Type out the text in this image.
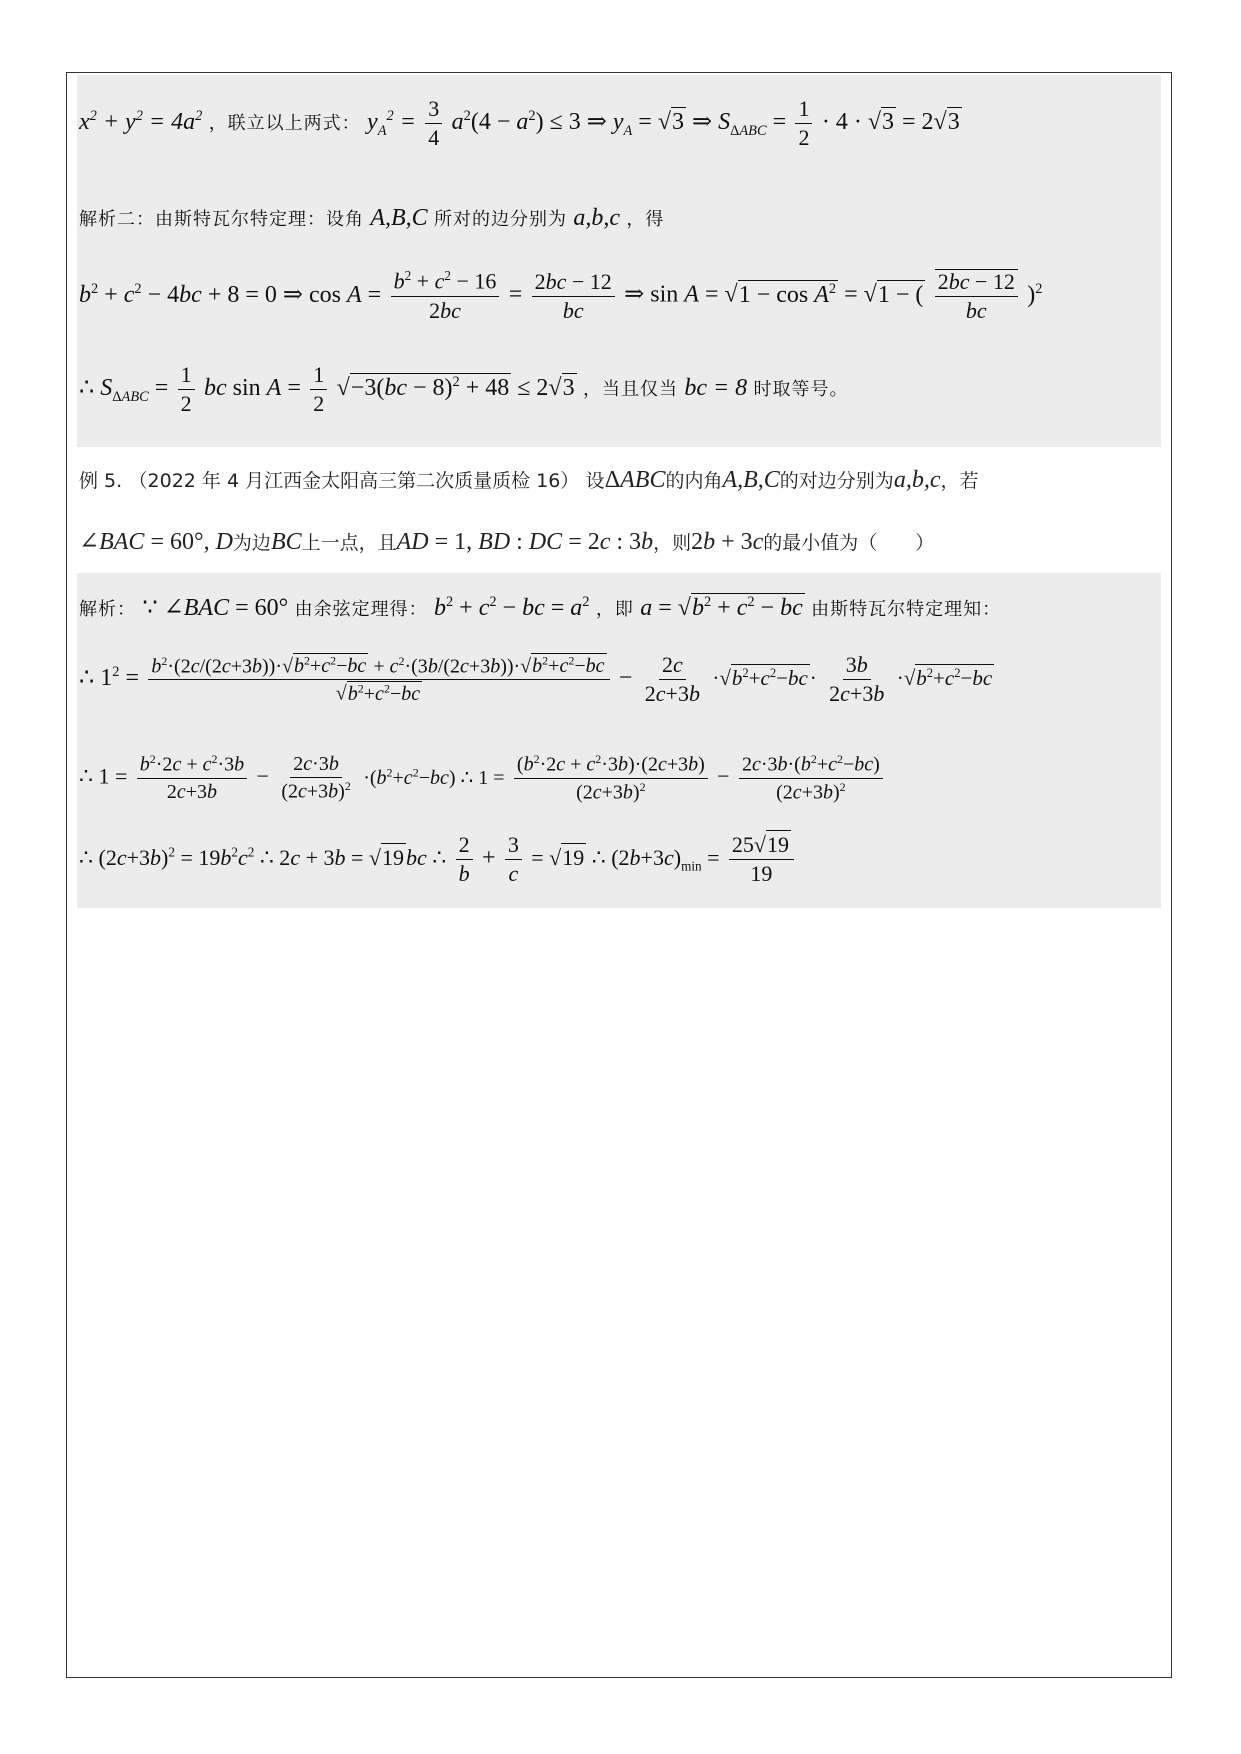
$x^2 + y^2 = 4a^2$ ，联立以上两式： $y_A^2 = \frac{3}{4} a^2(4 - a^2) \le 3$ ⇒ $y_A = √3$ ⇒ $S_{\Delta ABC} = \frac{1}{2} \cdot 4 \cdot √3 = 2√3$
解析二：由斯特瓦尔特定理：设角 A,B,C 所对的边分别为 a,b,c ，得
$b^2 + c^2 - 4bc + 8 = 0$ ⇒ $\cos A = \frac{b^2 + c^2 - 16}{2bc} = \frac{2bc - 12}{bc}$ ⇒ $\sin A = √1 - \cos A^2 = √1$ − ( $\frac{2bc - 12}{bc} )^2$
∴ $S_{\Delta ABC} = \frac{1}{2}$ bc $\sin A = \frac{1}{2} √-3(bc - 8)^2 + 48 \le 2√3$ ，当且仅当 bc = 8 时取等号。
例 5. （2022 年 4 月江西金太阳高三第二次质量质检 16） 设ΔABC的内角A,B,C的对边分别为a,b,c，若
∠BAC = 60°, D为边BC上一点，且AD = 1, BD : DC = 2c : 3b，则2b + 3c的最小值为（　　）
解析： ∵ ∠BAC = 60° 由余弦定理得： $b^2 + c^2$ − bc = $a^2$ ，即 $a = √b^2 + c^2$ − bc 由斯特瓦尔特定理知：
∴ $1^2 = \frac{b^2\cdot(2c/(2c+3b))\cdot√b^2+c^2-bc + c^2\cdot(3b/(2c+3b))\cdot√b^2+c^2-bc}{√b^2+c^2-bc} - \frac{2c}{2c+3b} \cdot√b^2+c^2-bc\cdot \frac{3b}{2c+3b} \cdot√b^2+c^2-bc$
∴ $1 = \frac{b^2\cdot 2c + c^2\cdot 3b}{2c+3b} - \frac{2c\cdot 3b}{(2c+3b)^2} \cdot(b^2+c^2-bc)$ ∴ $1 = \frac{(b^2\cdot 2c + c^2\cdot 3b)\cdot(2c+3b)}{(2c+3b)^2} - \frac{2c\cdot 3b\cdot(b^2+c^2-bc)}{(2c+3b)^2}$
∴ $(2c+3b)^2 = 19b^2c^2$ ∴ 2c + 3b = √19bc ∴ $\frac{2}{b} + \frac{3}{c} = √19$ ∴ $(2b+3c)_{min} = \frac{25√19}{19}$
